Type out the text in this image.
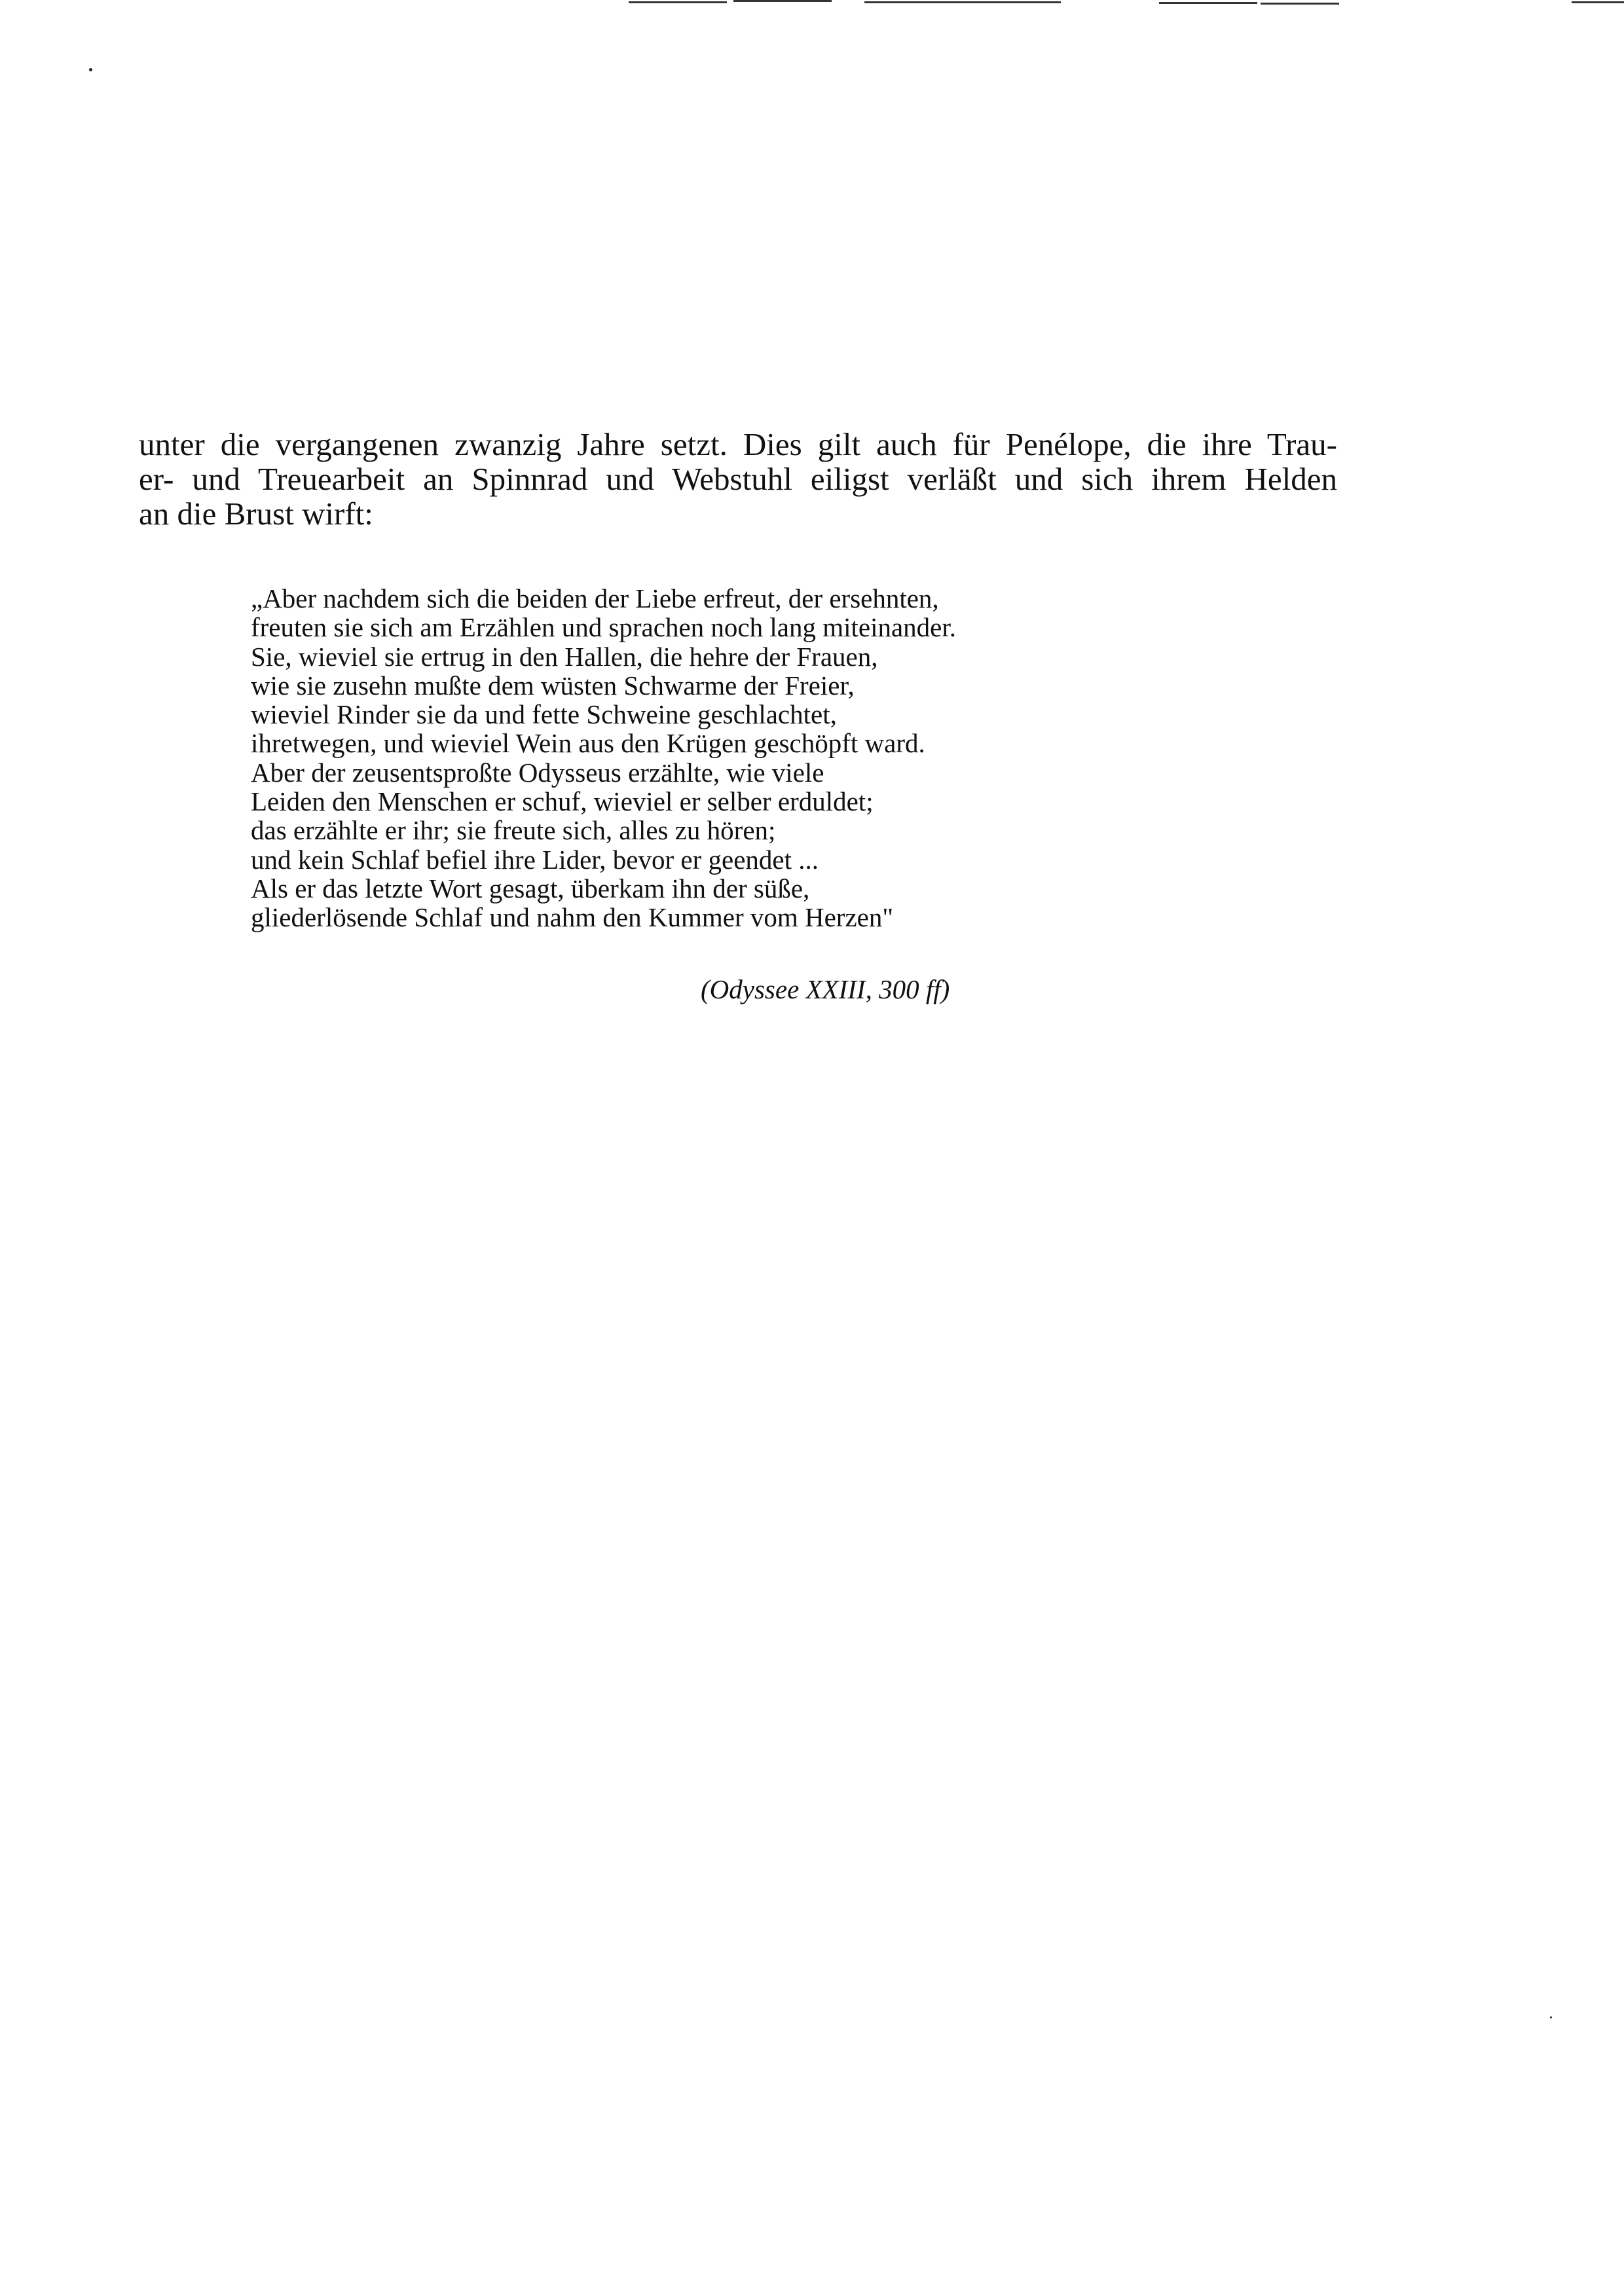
unter die vergangenen zwanzig Jahre setzt. Dies gilt auch für Penélope, die ihre Trau-
er- und Treuearbeit an Spinnrad und Webstuhl eiligst verläßt und sich ihrem Helden
an die Brust wirft:
„Aber nachdem sich die beiden der Liebe erfreut, der ersehnten,
freuten sie sich am Erzählen und sprachen noch lang miteinander.
Sie, wieviel sie ertrug in den Hallen, die hehre der Frauen,
wie sie zusehn mußte dem wüsten Schwarme der Freier,
wieviel Rinder sie da und fette Schweine geschlachtet,
ihretwegen, und wieviel Wein aus den Krügen geschöpft ward.
Aber der zeusentsproßte Odysseus erzählte, wie viele
Leiden den Menschen er schuf, wieviel er selber erduldet;
das erzählte er ihr; sie freute sich, alles zu hören;
und kein Schlaf befiel ihre Lider, bevor er geendet ...
Als er das letzte Wort gesagt, überkam ihn der süße,
gliederlösende Schlaf und nahm den Kummer vom Herzen"
(Odyssee XXIII, 300 ff)
